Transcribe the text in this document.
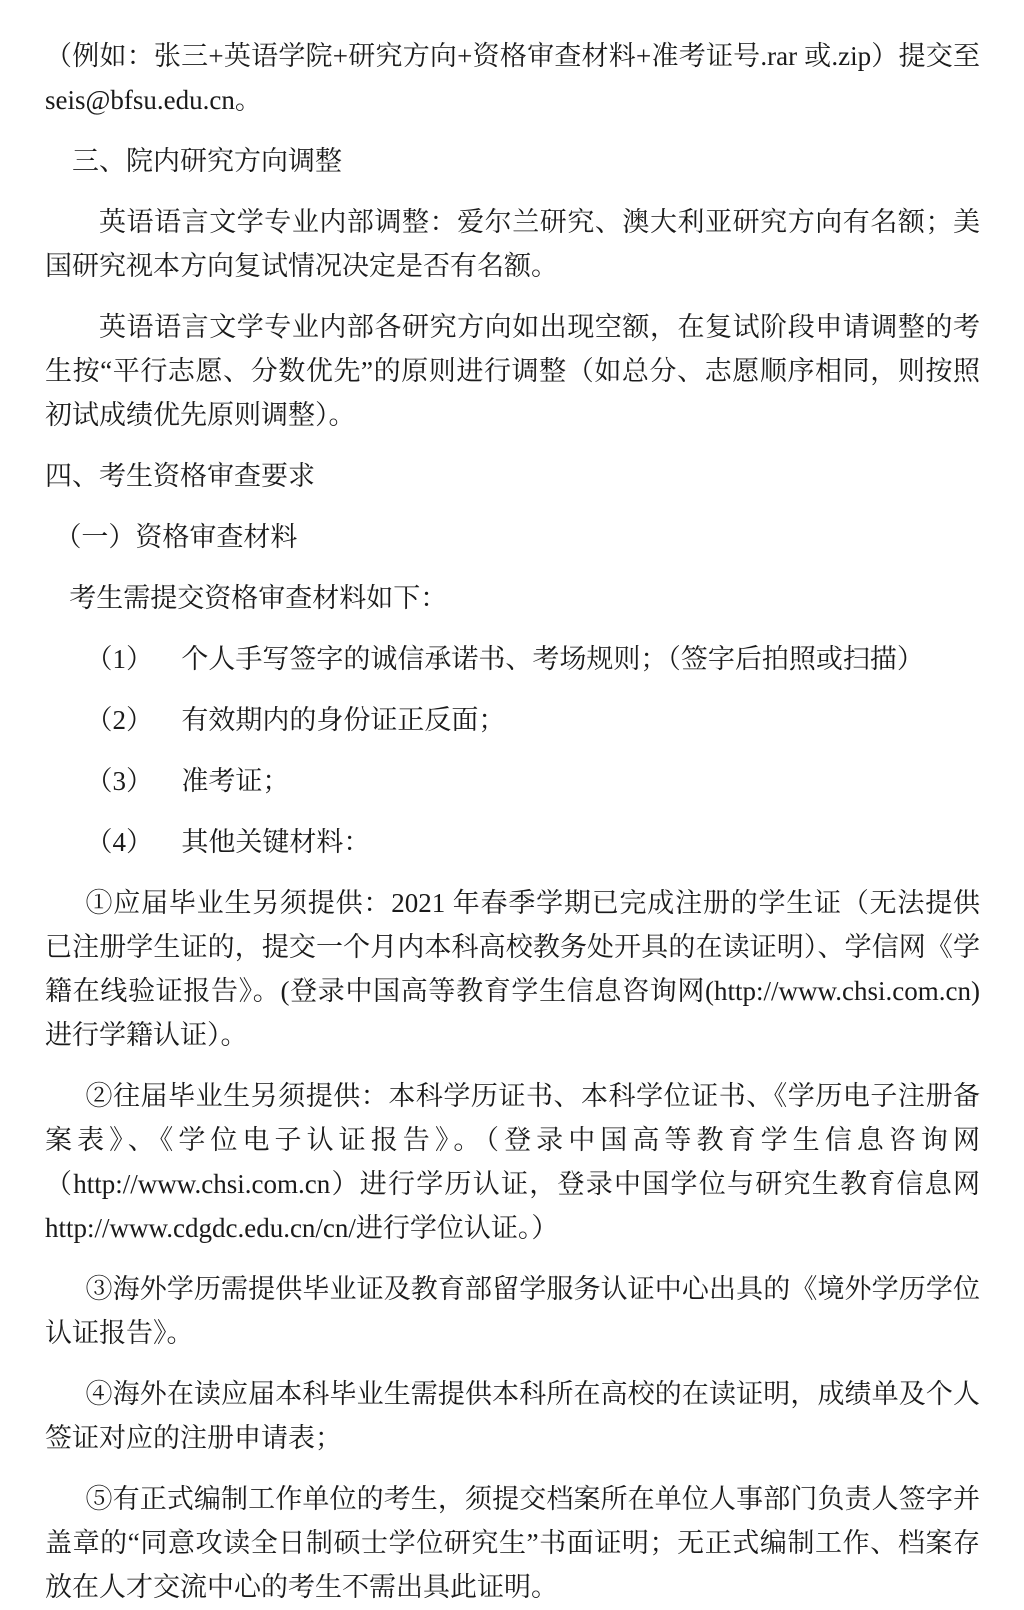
（例如：张三+英语学院+研究方向+资格审查材料+准考证号.rar 或.zip）提交至 seis@bfsu.edu.cn。

三、院内研究方向调整

英语语言文学专业内部调整：爱尔兰研究、澳大利亚研究方向有名额；美国研究视本方向复试情况决定是否有名额。

英语语言文学专业内部各研究方向如出现空额，在复试阶段申请调整的考生按“平行志愿、分数优先”的原则进行调整（如总分、志愿顺序相同，则按照初试成绩优先原则调整）。

四、考生资格审查要求
（一）资格审查材料

考生需提交资格审查材料如下：

（1） 个人手写签字的诚信承诺书、考场规则；（签字后拍照或扫描）
（2） 有效期内的身份证正反面；
（3） 准考证；
（4） 其他关键材料：

①应届毕业生另须提供：2021 年春季学期已完成注册的学生证（无法提供已注册学生证的，提交一个月内本科高校教务处开具的在读证明）、学信网《学籍在线验证报告》。(登录中国高等教育学生信息咨询网(http://www.chsi.com.cn)进行学籍认证）。

②往届毕业生另须提供：本科学历证书、本科学位证书、《学历电子注册备案表》、《学位电子认证报告》。（登录中国高等教育学生信息咨询网（http://www.chsi.com.cn）进行学历认证，登录中国学位与研究生教育信息网http://www.cdgdc.edu.cn/cn/进行学位认证。）

③海外学历需提供毕业证及教育部留学服务认证中心出具的《境外学历学位认证报告》。

④海外在读应届本科毕业生需提供本科所在高校的在读证明，成绩单及个人签证对应的注册申请表；

⑤有正式编制工作单位的考生，须提交档案所在单位人事部门负责人签字并盖章的“同意攻读全日制硕士学位研究生”书面证明；无正式编制工作、档案存放在人才交流中心的考生不需出具此证明。
